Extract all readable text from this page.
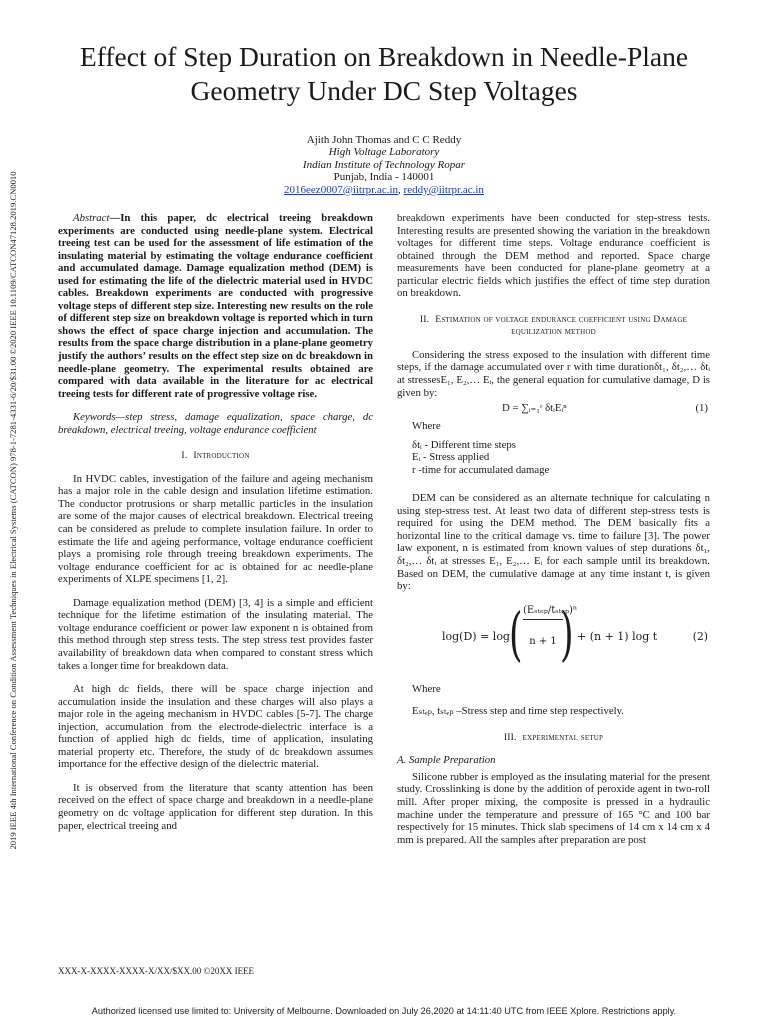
2019 IEEE 4th International Conference on Condition Assessment Techniques in Electrical Systems (CATCON) 978-1-7281-4331-6/20/$31.00 ©2020 IEEE 10.1109/CATCON47128.2019.CN0010
Effect of Step Duration on Breakdown in Needle-Plane Geometry Under DC Step Voltages
Ajith John Thomas and C C Reddy
High Voltage Laboratory
Indian Institute of Technology Ropar
Punjab, India - 140001
2016eez0007@iitrpr.ac.in, reddy@iitrpr.ac.in

Abstract—In this paper, dc electrical treeing breakdown experiments are conducted using needle-plane system. Electrical treeing test can be used for the assessment of life estimation of the insulating material by estimating the voltage endurance coefficient and accumulated damage. Damage equalization method (DEM) is used for estimating the life of the dielectric material used in HVDC cables. Breakdown experiments are conducted with progressive voltage steps of different step size. Interesting new results on the role of different step size on breakdown voltage is reported which in turn shows the effect of space charge injection and accumulation. The results from the space charge distribution in a plane-plane geometry justify the authors’ results on the effect step size on dc breakdown in needle-plane geometry. The experimental results obtained are compared with data available in the literature for ac electrical treeing tests for different rate of progressive voltage rise.

Keywords—step stress, damage equalization, space charge, dc breakdown, electrical treeing, voltage endurance coefficient

I. Introduction

In HVDC cables, investigation of the failure and ageing mechanism has a major role in the cable design and insulation lifetime estimation. The conductor protrusions or sharp metallic particles in the insulation are some of the major causes of electrical breakdown. Electrical treeing can be considered as prelude to complete insulation failure. In order to estimate the life and ageing performance, voltage endurance coefficient plays a promising role through treeing breakdown experiments. The voltage endurance coefficient for ac is obtained for ac needle-plane experiments of XLPE specimens [1, 2].

Damage equalization method (DEM) [3, 4] is a simple and efficient technique for the lifetime estimation of the insulating material. The voltage endurance coefficient or power law exponent n is obtained from this method through step stress tests. The step stress test provides faster availability of breakdown data when compared to constant stress which takes a longer time for breakdown data.

At high dc fields, there will be space charge injection and accumulation inside the insulation and these charges will also plays a major role in the ageing mechanism in HVDC cables [5-7]. The charge injection, accumulation from the electrode-dielectric interface is a function of applied high dc fields, time of application, insulating material property etc. Therefore, the study of dc breakdown assumes importance for the effective design of the dielectric material.

It is observed from the literature that scanty attention has been received on the effect of space charge and breakdown in a needle-plane geometry on dc voltage application for different step duration. In this paper, electrical treeing and

breakdown experiments have been conducted for step-stress tests. Interesting results are presented showing the variation in the breakdown voltages for different time steps. Voltage endurance coefficient is obtained through the DEM method and reported. Space charge measurements have been conducted for plane-plane geometry at a particular electric fields which justifies the effect of time step duration on breakdown.

II. Estimation of voltage endurance coefficient using Damage equilization method

Considering the stress exposed to the insulation with different time steps, if the damage accumulated over r with time durationδt₁, δt₂,… δtᵢ at stressesE₁, E₂,… Eᵢ, the general equation for cumulative damage, D is given by:

D = ∑ᵢ₌₁ʳ δtᵢEᵢⁿ	(1)
Where
δtᵢ - Different time steps
Eᵢ - Stress applied
r -time for accumulated damage

DEM can be considered as an alternate technique for calculating n using step-stress test. At least two data of different step-stress tests is required for using the DEM method. The DEM basically fits a horizontal line to the critical damage vs. time to failure [3]. The power law exponent, n is estimated from known values of step durations δt₁, δt₂,… δtᵢ at stresses E₁, E₂,… Eᵢ for each sample until its breakdown. Based on DEM, the cumulative damage at any time instant t, is given by:

log(D) = log ( (Eₛₜₑₚ/tₛₜₑₚ)ⁿ
n + 1 ) + (n + 1) log t	(2)
Where
Eₛₜₑₚ, tₛₜₑₚ –Stress step and time step respectively.
III. experimental setup
A. Sample Preparation

Silicone rubber is employed as the insulating material for the present study. Crosslinking is done by the addition of peroxide agent in two-roll mill. After proper mixing, the composite is pressed in a hydraulic machine under the temperature and pressure of 165 °C and 100 bar respectively for 15 minutes. Thick slab specimens of 14 cm x 14 cm x 4 mm is prepared. All the samples after preparation are post

XXX-X-XXXX-XXXX-X/XX/$XX.00 ©20XX IEEE
Authorized licensed use limited to: University of Melbourne. Downloaded on July 26,2020 at 14:11:40 UTC from IEEE Xplore. Restrictions apply.
